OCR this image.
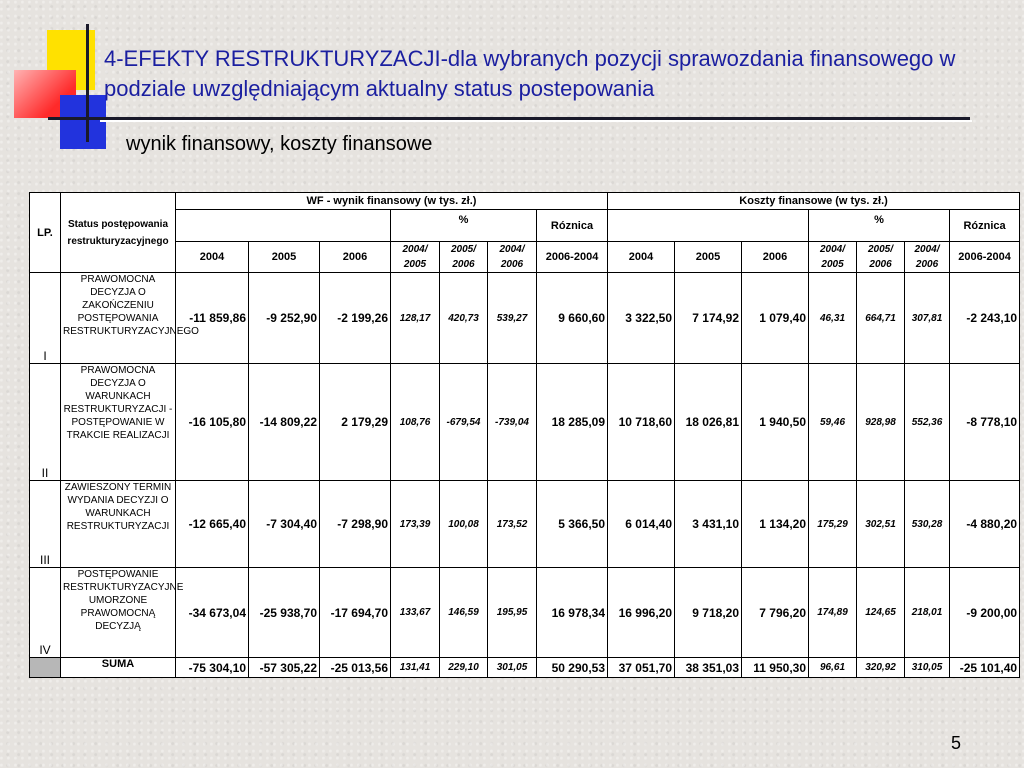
4-EFEKTY RESTRUKTURYZACJI-dla wybranych pozycji sprawozdania finansowego w podziale uwzględniającym aktualny status postepowania
wynik finansowy, koszty finansowe
LP.	Status postępowania restrukturyzacyjnego	WF - wynik finansowy (w tys. zł.)							Koszty finansowe (w tys. zł.)						
					%			Róznica				%			Róznica
		2004	2005	2006	2004/ 2005	2005/ 2006	2004/ 2006	2006-2004	2004	2005	2006	2004/ 2005	2005/ 2006	2004/ 2006	2006-2004
I	PRAWOMOCNA DECYZJA O ZAKOŃCZENIU POSTĘPOWANIA RESTRUKTURYZACYJNEGO	-11 859,86	-9 252,90	-2 199,26	128,17	420,73	539,27	9 660,60	3 322,50	7 174,92	1 079,40	46,31	664,71	307,81	-2 243,10
II	PRAWOMOCNA DECYZJA O WARUNKACH RESTRUKTURYZACJI - POSTĘPOWANIE W TRAKCIE REALIZACJI	-16 105,80	-14 809,22	2 179,29	108,76	-679,54	-739,04	18 285,09	10 718,60	18 026,81	1 940,50	59,46	928,98	552,36	-8 778,10
III	ZAWIESZONY TERMIN WYDANIA DECYZJI O WARUNKACH RESTRUKTURYZACJI	-12 665,40	-7 304,40	-7 298,90	173,39	100,08	173,52	5 366,50	6 014,40	3 431,10	1 134,20	175,29	302,51	530,28	-4 880,20
IV	POSTĘPOWANIE RESTRUKTURYZACYJNE UMORZONE PRAWOMOCNĄ DECYZJĄ	-34 673,04	-25 938,70	-17 694,70	133,67	146,59	195,95	16 978,34	16 996,20	9 718,20	7 796,20	174,89	124,65	218,01	-9 200,00
	SUMA	-75 304,10	-57 305,22	-25 013,56	131,41	229,10	301,05	50 290,53	37 051,70	38 351,03	11 950,30	96,61	320,92	310,05	-25 101,40
5
